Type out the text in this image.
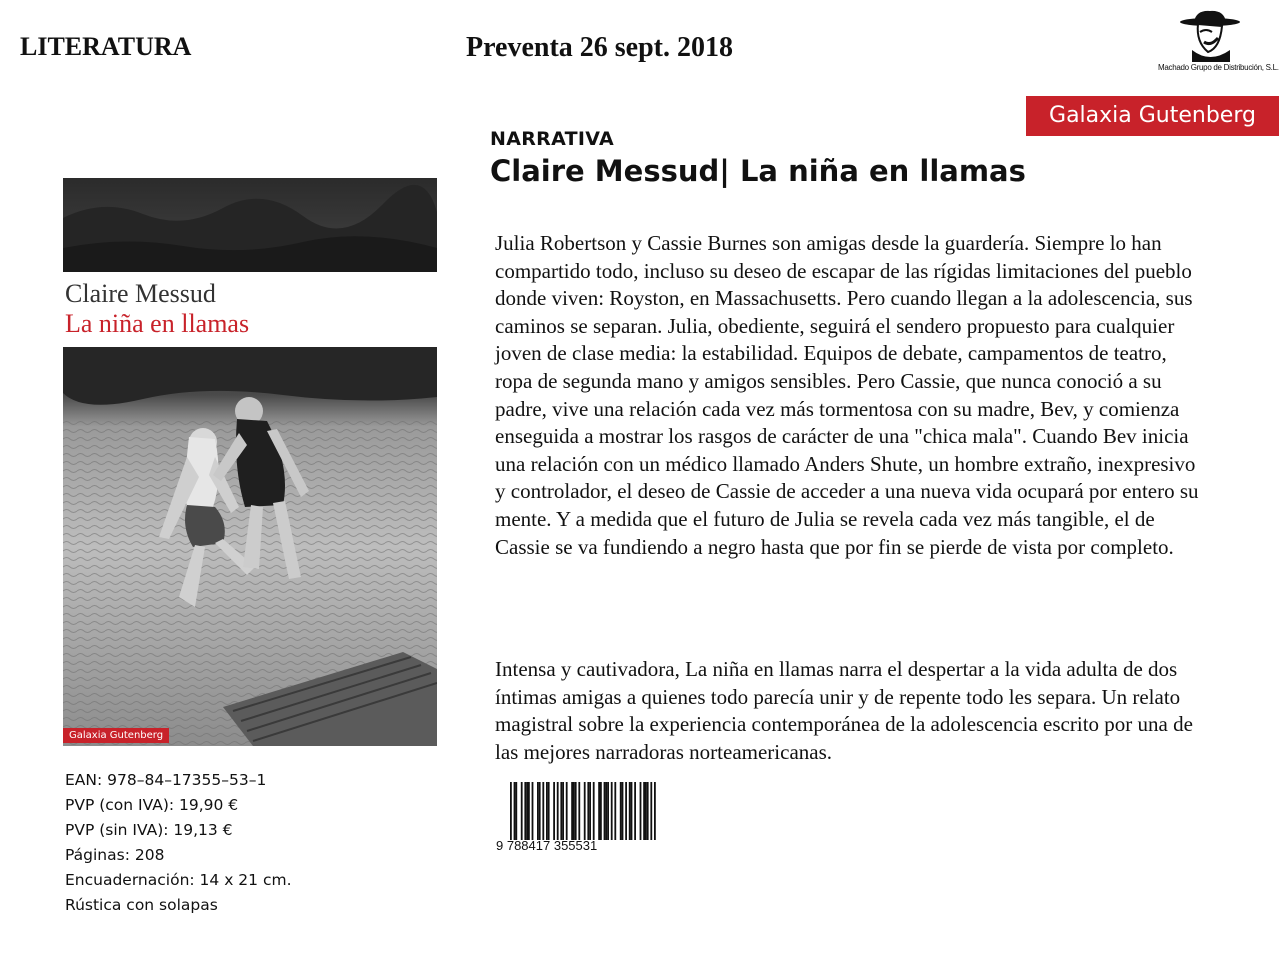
LITERATURA	Preventa 26 sept. 2018
Machado Grupo de Distribución, S.L.
Galaxia Gutenberg
NARRATIVA
Claire Messud| La niña en llamas

Julia Robertson y Cassie Burnes son amigas desde la guardería. Siempre lo han compartido todo, incluso su deseo de escapar de las rígidas limitaciones del pueblo donde viven: Royston, en Massachusetts. Pero cuando llegan a la adolescencia, sus caminos se separan. Julia, obediente, seguirá el sendero propuesto para cualquier joven de clase media: la estabilidad. Equipos de debate, campamentos de teatro, ropa de segunda mano y amigos sensibles. Pero Cassie, que nunca conoció a su padre, vive una relación cada vez más tormentosa con su madre, Bev, y comienza enseguida a mostrar los rasgos de carácter de una "chica mala". Cuando Bev inicia una relación con un médico llamado Anders Shute, un hombre extraño, inexpresivo y controlador, el deseo de Cassie de acceder a una nueva vida ocupará por entero su mente. Y a medida que el futuro de Julia se revela cada vez más tangible, el de Cassie se va fundiendo a negro hasta que por fin se pierde de vista por completo.

Intensa y cautivadora, La niña en llamas narra el despertar a la vida adulta de dos íntimas amigas a quienes todo parecía unir y de repente todo les separa. Un relato magistral sobre la experiencia contemporánea de la adolescencia escrito por una de las mejores narradoras norteamericanas.

Claire Messud
La niña en llamas
Galaxia Gutenberg
EAN: 978–84–17355–53–1
PVP (con IVA): 19,90 €
PVP (sin IVA): 19,13 €
Páginas: 208
Encuadernación: 14 x 21 cm.
Rústica con solapas
9 788417 355531
